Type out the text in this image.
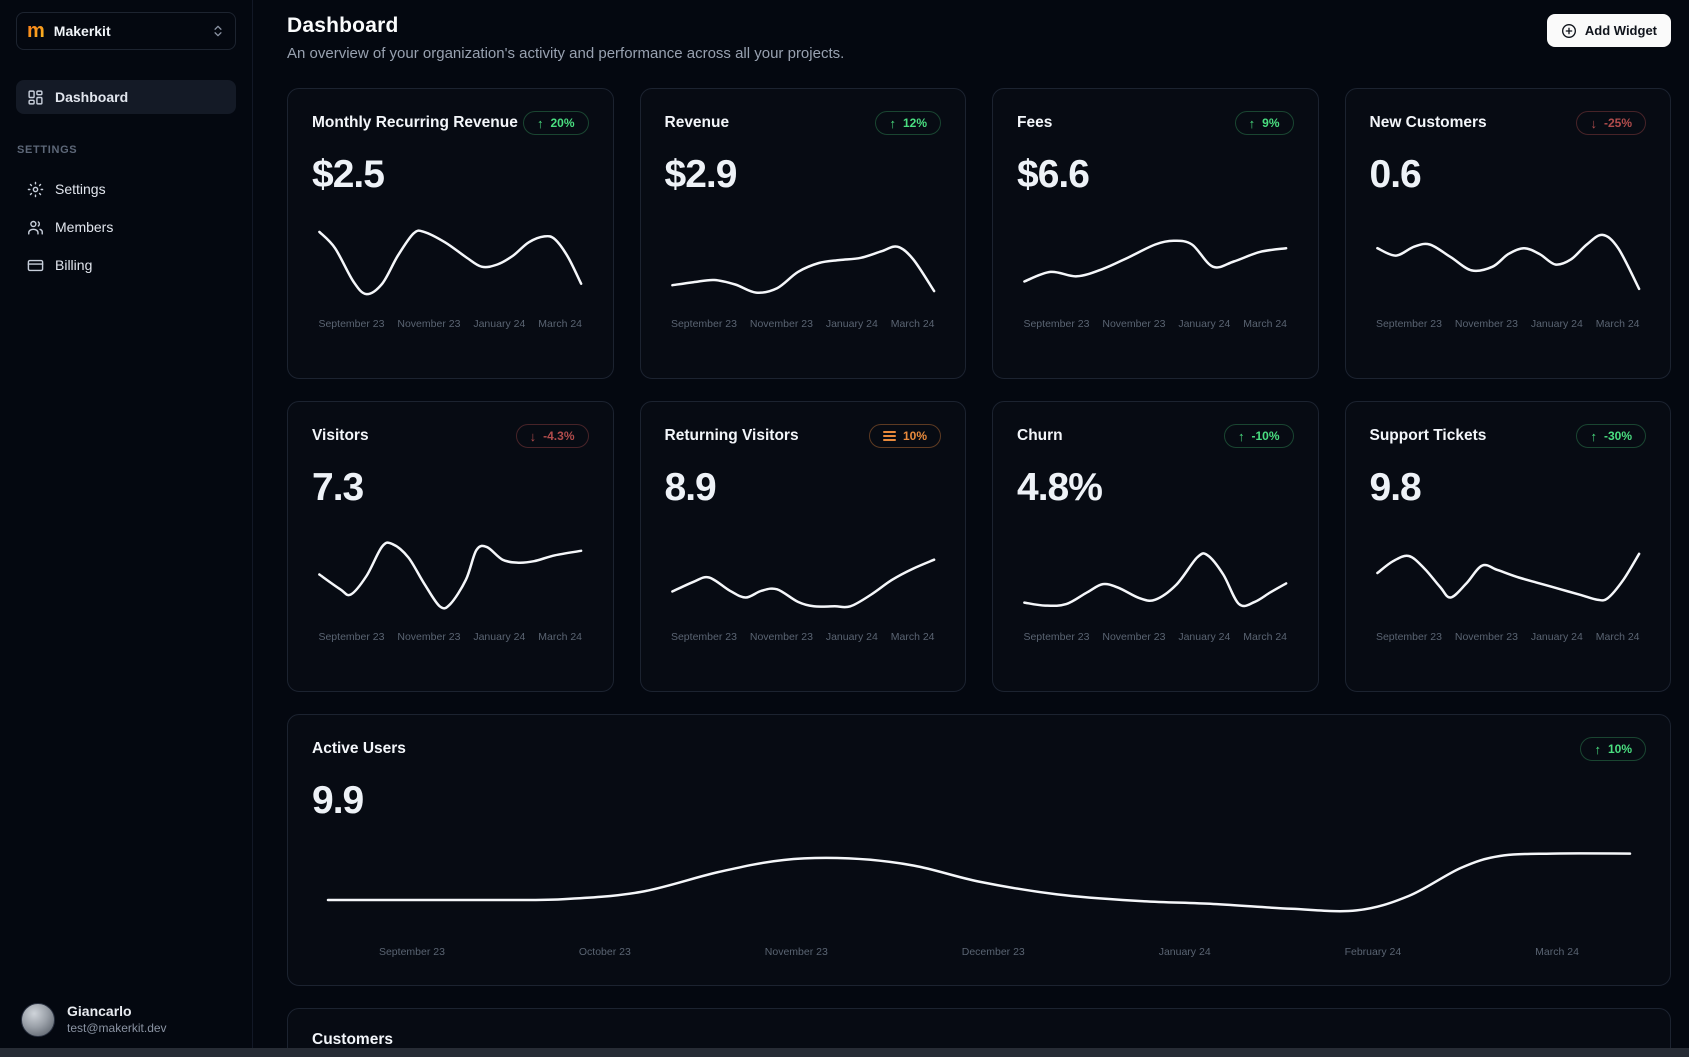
m Makerkit
Dashboard
SETTINGS
Settings
Members
Billing
Giancarlo
test@makerkit.dev
Dashboard
An overview of your organization's activity and performance across all your projects.
Add Widget
Monthly Recurring Revenue ↑ 20%
$2.5
September 23 November 23 January 24 March 24
Revenue	↑ 12%
$2.9
September 23 November 23 January 24 March 24
Fees	↑ 9%
$6.6
September 23 November 23 January 24 March 24
New Customers	↓ -25%
0.6
September 23 November 23 January 24 March 24
Visitors	↓ -4.3%
7.3
September 23 November 23 January 24 March 24
Returning Visitors	10%
8.9
September 23 November 23 January 24 March 24
Churn	↑ -10%
4.8%
September 23 November 23 January 24 March 24
Support Tickets	↑ -30%
9.8
September 23 November 23 January 24 March 24
Active Users	↑ 10%
9.9
September 23	October 23	November 23	December 23	January 24	February 24	March 24
Customers
